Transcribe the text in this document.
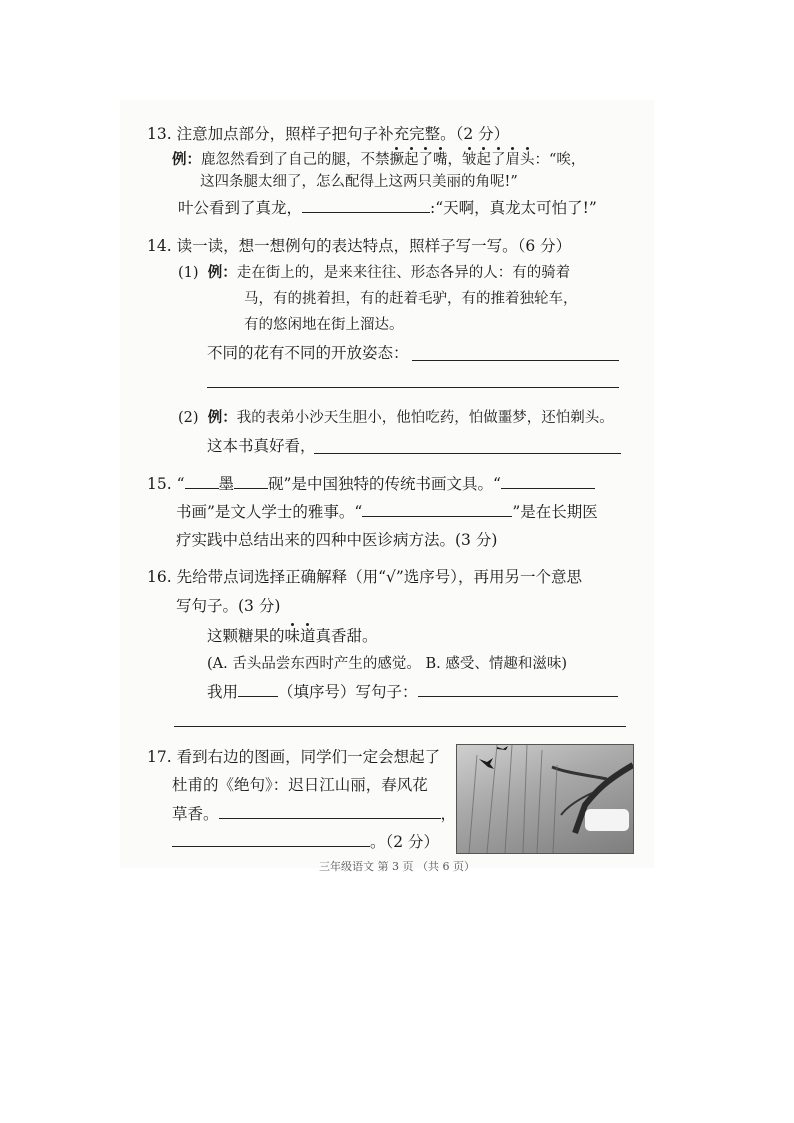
13. 注意加点部分，照样子把句子补充完整。（2 分）
例：鹿忽然看到了自己的腿，不禁撅起了嘴，皱起了眉头：“唉，
这四条腿太细了，怎么配得上这两只美丽的角呢!”
叶公看到了真龙，	:“天啊，真龙太可怕了!”
14. 读一读，想一想例句的表达特点，照样子写一写。（6 分）
(1) 例：走在街上的，是来来往往、形态各异的人：有的骑着
马，有的挑着担，有的赶着毛驴，有的推着独轮车，
有的悠闲地在街上溜达。
不同的花有不同的开放姿态：
(2) 例：我的表弟小沙天生胆小，他怕吃药，怕做噩梦，还怕剃头。
这本书真好看，
15. “ 墨 砚”是中国独特的传统书画文具。“
书画”是文人学士的雅事。“	”是在长期医
疗实践中总结出来的四种中医诊病方法。(3 分)
16. 先给带点词选择正确解释（用“√”选序号），再用另一个意思
写句子。(3 分)
这颗糖果的味道真香甜。
(A. 舌头品尝东西时产生的感觉。 B. 感受、情趣和滋味)
我用	（填序号）写句子：
17. 看到右边的图画，同学们一定会想起了
杜甫的《绝句》：迟日江山丽，春风花
草香。	，
。（2 分）
三年级语文 第 3 页 （共 6 页）
